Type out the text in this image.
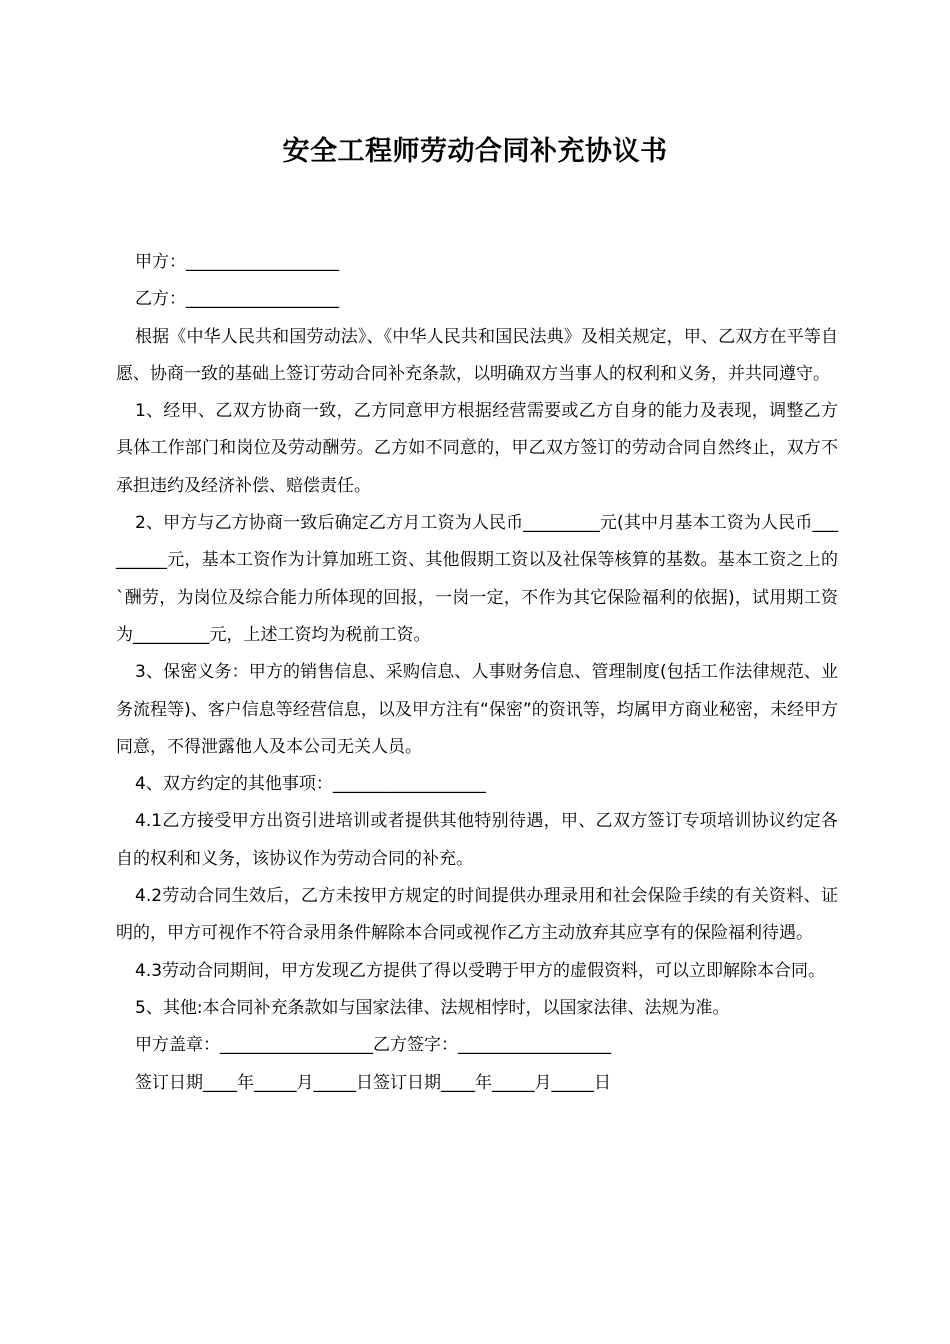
安全工程师劳动合同补充协议书

甲方：__________________

乙方：__________________

根据《中华人民共和国劳动法》、《中华人民共和国民法典》及相关规定，甲、乙双方在平等自愿、协商一致的基础上签订劳动合同补充条款，以明确双方当事人的权利和义务，并共同遵守。

1、经甲、乙双方协商一致，乙方同意甲方根据经营需要或乙方自身的能力及表现，调整乙方具体工作部门和岗位及劳动酬劳。乙方如不同意的，甲乙双方签订的劳动合同自然终止，双方不承担违约及经济补偿、赔偿责任。

2、甲方与乙方协商一致后确定乙方月工资为人民币_________元(其中月基本工资为人民币_________元，基本工资作为计算加班工资、其他假期工资以及社保等核算的基数。基本工资之上的`酬劳，为岗位及综合能力所体现的回报，一岗一定，不作为其它保险福利的依据)，试用期工资为_________元，上述工资均为税前工资。

3、保密义务：甲方的销售信息、采购信息、人事财务信息、管理制度(包括工作法律规范、业务流程等)、客户信息等经营信息，以及甲方注有“保密”的资讯等，均属甲方商业秘密，未经甲方同意，不得泄露他人及本公司无关人员。

4、双方约定的其他事项：__________________

4.1乙方接受甲方出资引进培训或者提供其他特别待遇，甲、乙双方签订专项培训协议约定各自的权利和义务，该协议作为劳动合同的补充。

4.2劳动合同生效后，乙方未按甲方规定的时间提供办理录用和社会保险手续的有关资料、证明的，甲方可视作不符合录用条件解除本合同或视作乙方主动放弃其应享有的保险福利待遇。

4.3劳动合同期间，甲方发现乙方提供了得以受聘于甲方的虚假资料，可以立即解除本合同。

5、其他:本合同补充条款如与国家法律、法规相悖时，以国家法律、法规为准。

甲方盖章：__________________乙方签字：__________________

签订日期____年_____月_____日签订日期____年_____月_____日
